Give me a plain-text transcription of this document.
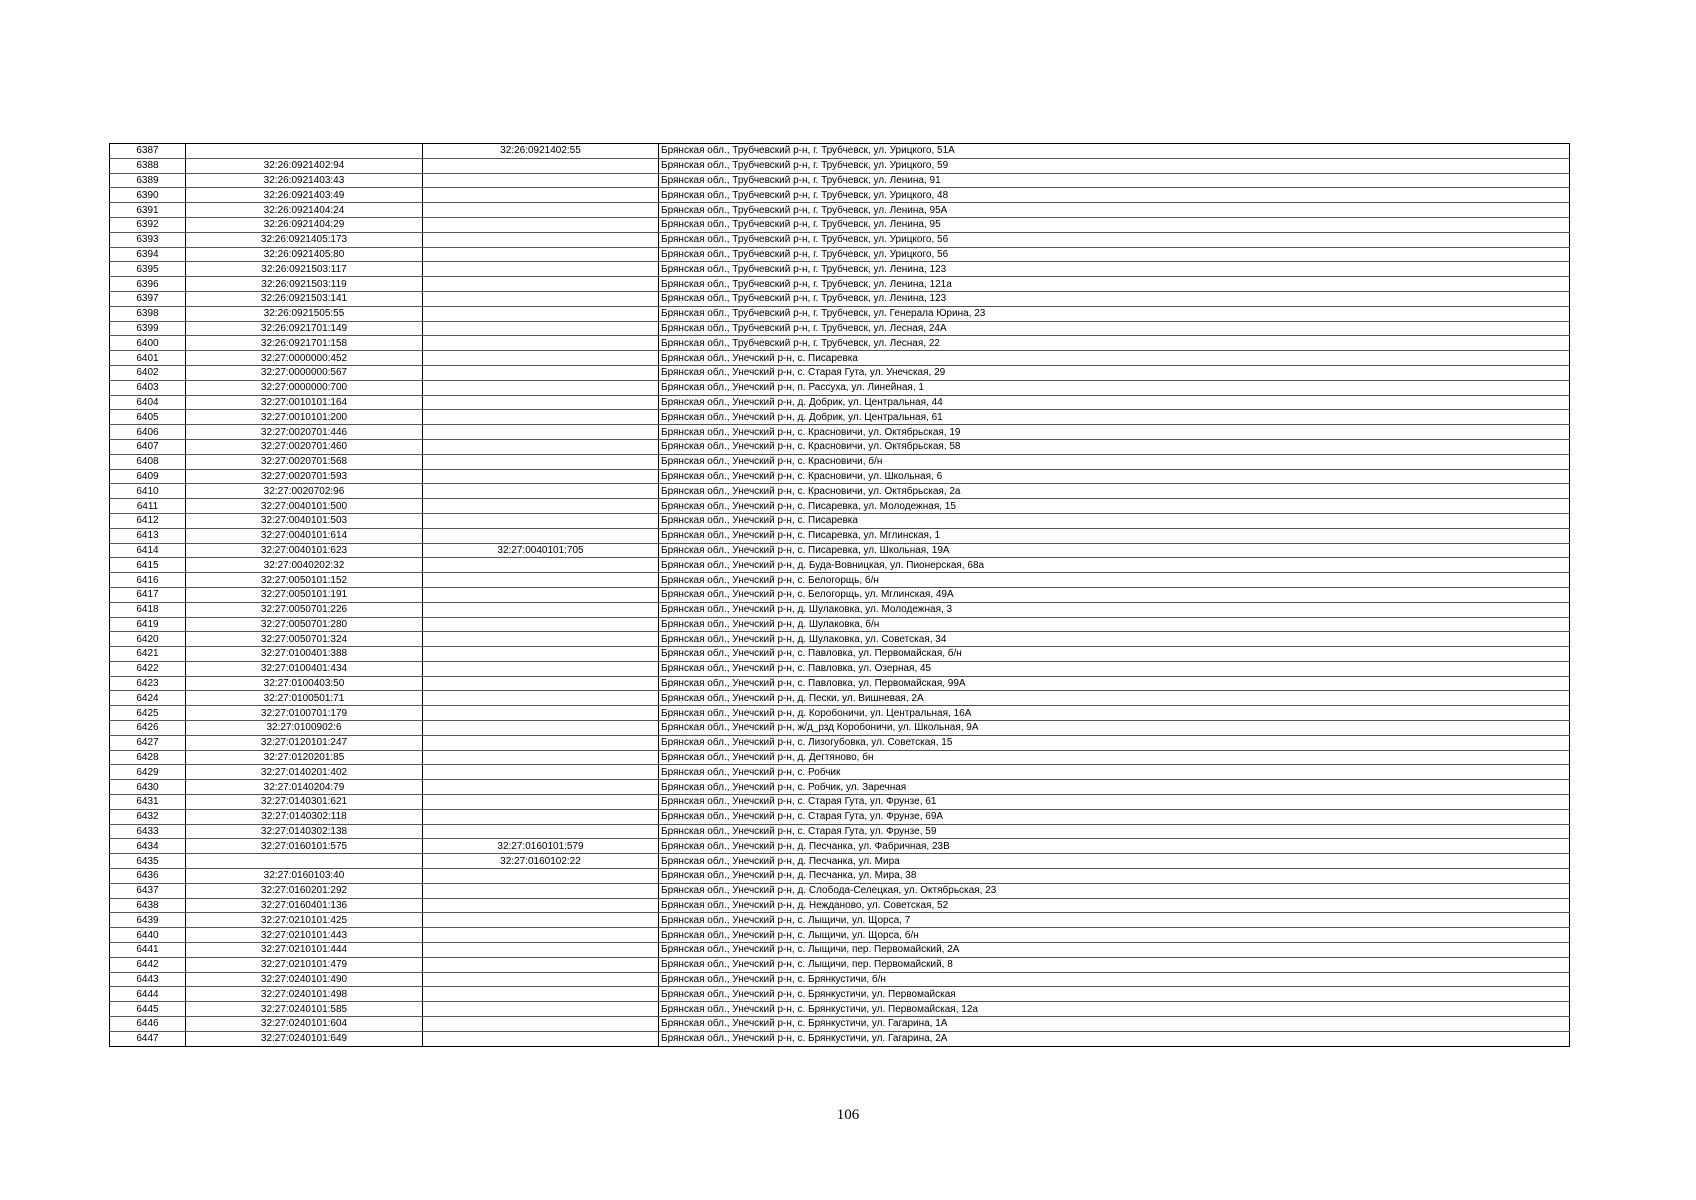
6387		32:26:0921402:55	Брянская обл., Трубчевский р-н, г. Трубчевск, ул. Урицкого, 51А
6388	32:26:0921402:94		Брянская обл., Трубчевский р-н, г. Трубчевск, ул. Урицкого, 59
6389	32:26:0921403:43		Брянская обл., Трубчевский р-н, г. Трубчевск, ул. Ленина, 91
6390	32:26:0921403:49		Брянская обл., Трубчевский р-н, г. Трубчевск, ул. Урицкого, 48
6391	32:26:0921404:24		Брянская обл., Трубчевский р-н, г. Трубчевск, ул. Ленина, 95А
6392	32:26:0921404:29		Брянская обл., Трубчевский р-н, г. Трубчевск, ул. Ленина, 95
6393	32:26:0921405:173		Брянская обл., Трубчевский р-н, г. Трубчевск, ул. Урицкого, 56
6394	32:26:0921405:80		Брянская обл., Трубчевский р-н, г. Трубчевск, ул. Урицкого, 56
6395	32:26:0921503:117		Брянская обл., Трубчевский р-н, г. Трубчевск, ул. Ленина, 123
6396	32:26:0921503:119		Брянская обл., Трубчевский р-н, г. Трубчевск, ул. Ленина, 121а
6397	32:26:0921503:141		Брянская обл., Трубчевский р-н, г. Трубчевск, ул. Ленина, 123
6398	32:26:0921505:55		Брянская обл., Трубчевский р-н, г. Трубчевск, ул. Генерала Юрина, 23
6399	32:26:0921701:149		Брянская обл., Трубчевский р-н, г. Трубчевск, ул. Лесная, 24А
6400	32:26:0921701:158		Брянская обл., Трубчевский р-н, г. Трубчевск, ул. Лесная, 22
6401	32:27:0000000:452		Брянская обл., Унечский р-н, с. Писаревка
6402	32:27:0000000:567		Брянская обл., Унечский р-н, с. Старая Гута, ул. Унечская, 29
6403	32:27:0000000:700		Брянская обл., Унечский р-н, п. Рассуха, ул. Линейная, 1
6404	32:27:0010101:164		Брянская обл., Унечский р-н, д. Добрик, ул. Центральная, 44
6405	32:27:0010101:200		Брянская обл., Унечский р-н, д. Добрик, ул. Центральная, 61
6406	32:27:0020701:446		Брянская обл., Унечский р-н, с. Красновичи, ул. Октябрьская, 19
6407	32:27:0020701:460		Брянская обл., Унечский р-н, с. Красновичи, ул. Октябрьская, 58
6408	32:27:0020701:568		Брянская обл., Унечский р-н, с. Красновичи, б/н
6409	32:27:0020701:593		Брянская обл., Унечский р-н, с. Красновичи, ул. Школьная, 6
6410	32:27:0020702:96		Брянская обл., Унечский р-н, с. Красновичи, ул. Октябрьская, 2а
6411	32:27:0040101:500		Брянская обл., Унечский р-н, с. Писаревка, ул. Молодежная, 15
6412	32:27:0040101:503		Брянская обл., Унечский р-н, с. Писаревка
6413	32:27:0040101:614		Брянская обл., Унечский р-н, с. Писаревка, ул. Мглинская, 1
6414	32:27:0040101:623	32:27:0040101:705	Брянская обл., Унечский р-н, с. Писаревка, ул. Школьная, 19А
6415	32:27:0040202:32		Брянская обл., Унечский р-н, д. Буда-Вовницкая, ул. Пионерская, 68а
6416	32:27:0050101:152		Брянская обл., Унечский р-н, с. Белогорщь, б/н
6417	32:27:0050101:191		Брянская обл., Унечский р-н, с. Белогорщь, ул. Мглинская, 49А
6418	32:27:0050701:226		Брянская обл., Унечский р-н, д. Шулаковка, ул. Молодежная, 3
6419	32:27:0050701:280		Брянская обл., Унечский р-н, д. Шулаковка, б/н
6420	32:27:0050701:324		Брянская обл., Унечский р-н, д. Шулаковка, ул. Советская, 34
6421	32:27:0100401:388		Брянская обл., Унечский р-н, с. Павловка, ул. Первомайская, б/н
6422	32:27:0100401:434		Брянская обл., Унечский р-н, с. Павловка, ул. Озерная, 45
6423	32:27:0100403:50		Брянская обл., Унечский р-н, с. Павловка, ул. Первомайская, 99А
6424	32:27:0100501:71		Брянская обл., Унечский р-н, д. Пески, ул. Вишневая, 2А
6425	32:27:0100701:179		Брянская обл., Унечский р-н, д. Коробоничи, ул. Центральная, 16А
6426	32:27:0100902:6		Брянская обл., Унечский р-н, ж/д_рзд Коробоничи, ул. Школьная, 9А
6427	32:27:0120101:247		Брянская обл., Унечский р-н, с. Лизогубовка, ул. Советская, 15
6428	32:27:0120201:85		Брянская обл., Унечский р-н, д. Дегтяново, бн
6429	32:27:0140201:402		Брянская обл., Унечский р-н, с. Робчик
6430	32:27:0140204:79		Брянская обл., Унечский р-н, с. Робчик, ул. Заречная
6431	32:27:0140301:621		Брянская обл., Унечский р-н, с. Старая Гута, ул. Фрунзе, 61
6432	32:27:0140302:118		Брянская обл., Унечский р-н, с. Старая Гута, ул. Фрунзе, 69А
6433	32:27:0140302:138		Брянская обл., Унечский р-н, с. Старая Гута, ул. Фрунзе, 59
6434	32:27:0160101:575	32:27:0160101:579	Брянская обл., Унечский р-н, д. Песчанка, ул. Фабричная, 23В
6435		32:27:0160102:22	Брянская обл., Унечский р-н, д. Песчанка, ул. Мира
6436	32:27:0160103:40		Брянская обл., Унечский р-н, д. Песчанка, ул. Мира, 38
6437	32:27:0160201:292		Брянская обл., Унечский р-н, д. Слобода-Селецкая, ул. Октябрьская, 23
6438	32:27:0160401:136		Брянская обл., Унечский р-н, д. Нежданово, ул. Советская, 52
6439	32:27:0210101:425		Брянская обл., Унечский р-н, с. Лыщичи, ул. Щорса, 7
6440	32:27:0210101:443		Брянская обл., Унечский р-н, с. Лыщичи, ул. Щорса, б/н
6441	32:27:0210101:444		Брянская обл., Унечский р-н, с. Лыщичи, пер. Первомайский, 2А
6442	32:27:0210101:479		Брянская обл., Унечский р-н, с. Лыщичи, пер. Первомайский, 8
6443	32:27:0240101:490		Брянская обл., Унечский р-н, с. Брянкустичи, б/н
6444	32:27:0240101:498		Брянская обл., Унечский р-н, с. Брянкустичи, ул. Первомайская
6445	32:27:0240101:585		Брянская обл., Унечский р-н, с. Брянкустичи, ул. Первомайская, 12а
6446	32:27:0240101:604		Брянская обл., Унечский р-н, с. Брянкустичи, ул. Гагарина, 1А
6447	32:27:0240101:649		Брянская обл., Унечский р-н, с. Брянкустичи, ул. Гагарина, 2А
106
